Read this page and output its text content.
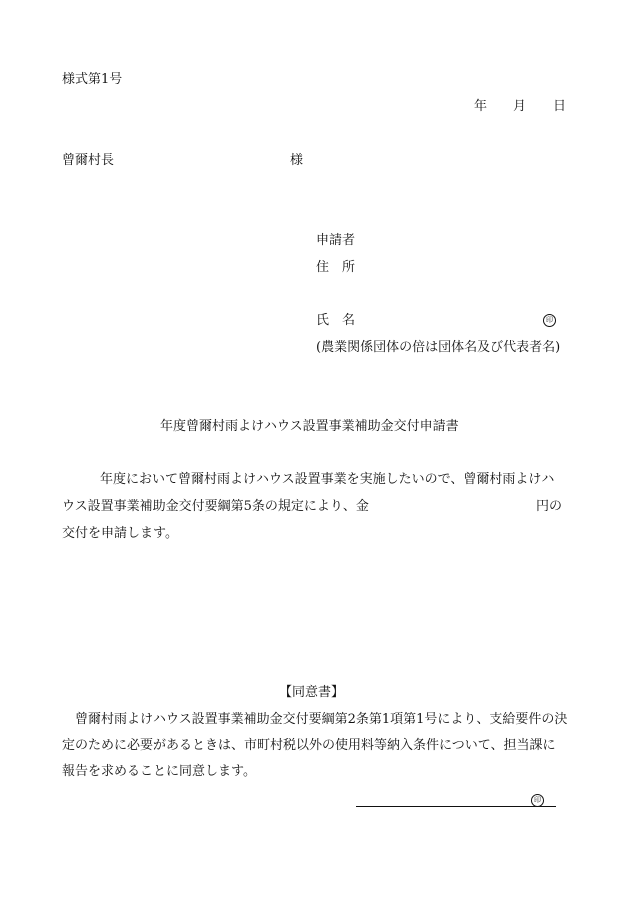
様式第1号
年 月 日
曾爾村長	様
申請者
住　所
氏　名	印
(農業関係団体の倍は団体名及び代表者名)
年度曾爾村雨よけハウス設置事業補助金交付申請書
年度において曾爾村雨よけハウス設置事業を実施したいので、曾爾村雨よけハ
ウス設置事業補助金交付要綱第5条の規定により、金	円の
交付を申請します。
【同意書】
曾爾村雨よけハウス設置事業補助金交付要綱第2条第1項第1号により、支給要件の決定のために必要があるときは、市町村税以外の使用料等納入条件について、担当課に報告を求めることに同意します。
印
